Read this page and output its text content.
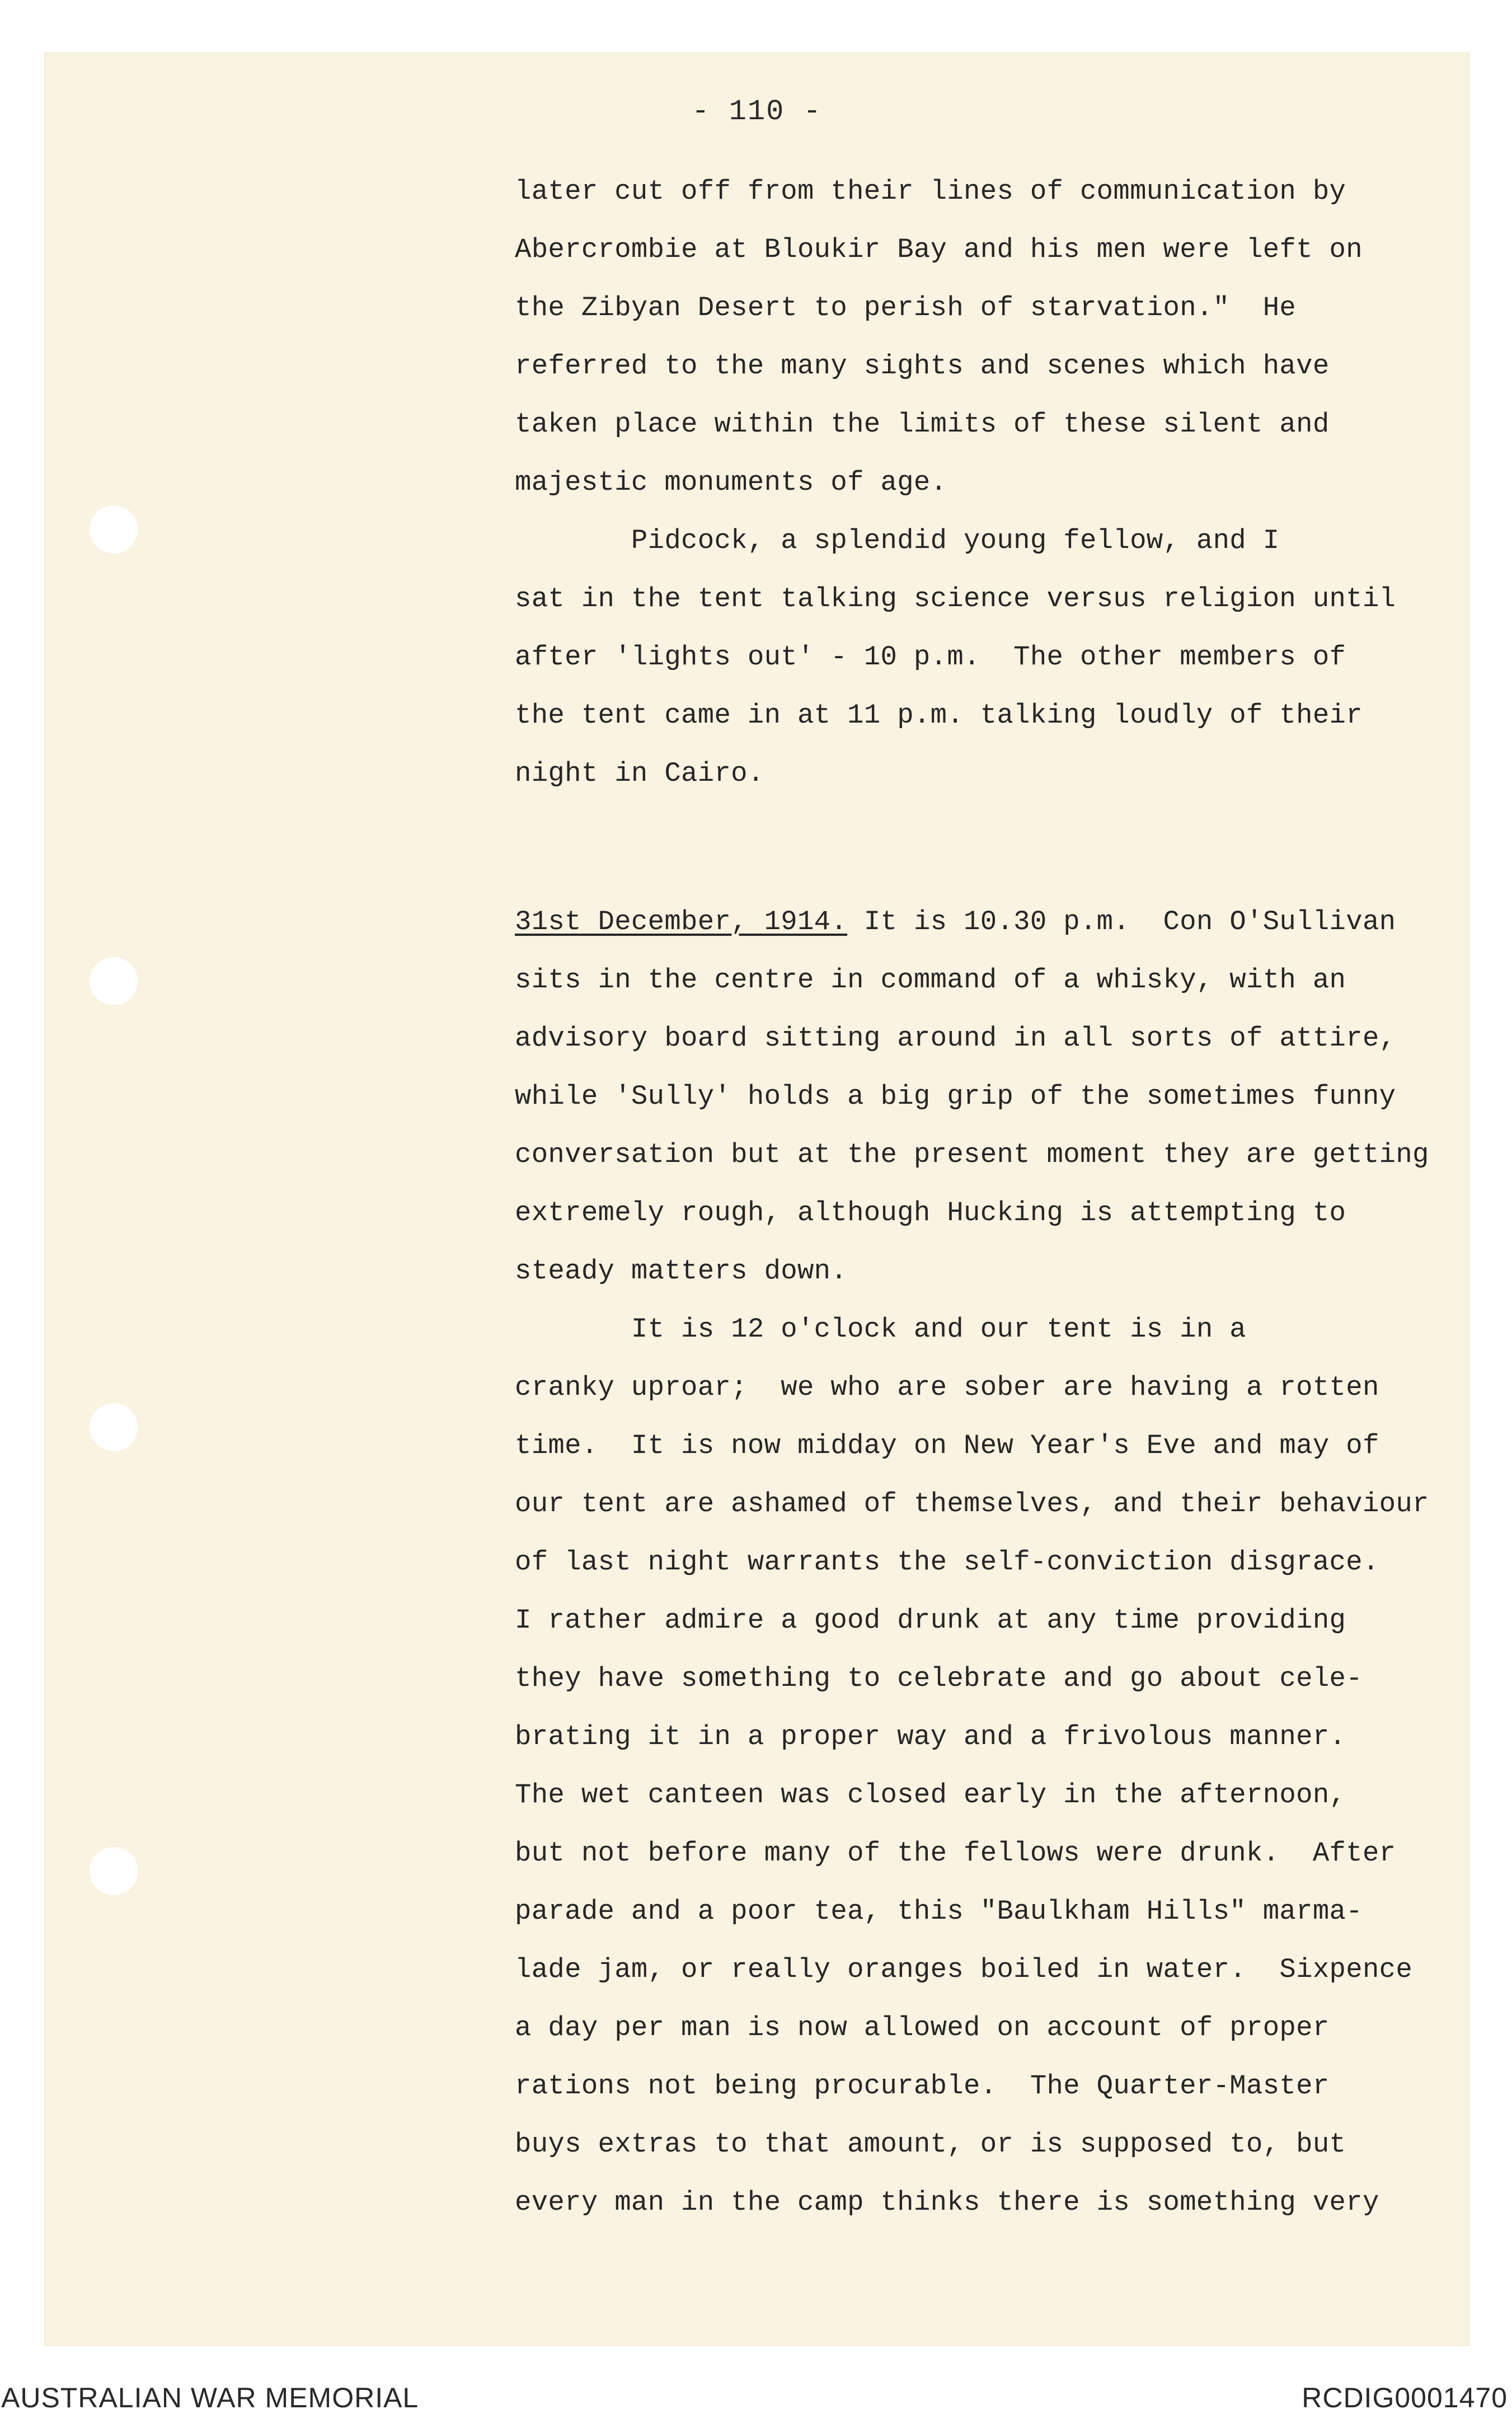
- 110 -
later cut off from their lines of communication by
Abercrombie at Bloukir Bay and his men were left on
the Zibyan Desert to perish of starvation."  He
referred to the many sights and scenes which have
taken place within the limits of these silent and
majestic monuments of age.
Pidcock, a splendid young fellow, and I
sat in the tent talking science versus religion until
after 'lights out' - 10 p.m.  The other members of
the tent came in at 11 p.m. talking loudly of their
night in Cairo.
31st December, 1914. It is 10.30 p.m.  Con O'Sullivan
sits in the centre in command of a whisky, with an
advisory board sitting around in all sorts of attire,
while 'Sully' holds a big grip of the sometimes funny
conversation but at the present moment they are getting
extremely rough, although Hucking is attempting to
steady matters down.
It is 12 o'clock and our tent is in a
cranky uproar;  we who are sober are having a rotten
time.  It is now midday on New Year's Eve and may of
our tent are ashamed of themselves, and their behaviour
of last night warrants the self-conviction disgrace.
I rather admire a good drunk at any time providing
they have something to celebrate and go about cele-
brating it in a proper way and a frivolous manner.
The wet canteen was closed early in the afternoon,
but not before many of the fellows were drunk.  After
parade and a poor tea, this "Baulkham Hills" marma-
lade jam, or really oranges boiled in water.  Sixpence
a day per man is now allowed on account of proper
rations not being procurable.  The Quarter-Master
buys extras to that amount, or is supposed to, but
every man in the camp thinks there is something very
AUSTRALIAN WAR MEMORIAL	RCDIG0001470
